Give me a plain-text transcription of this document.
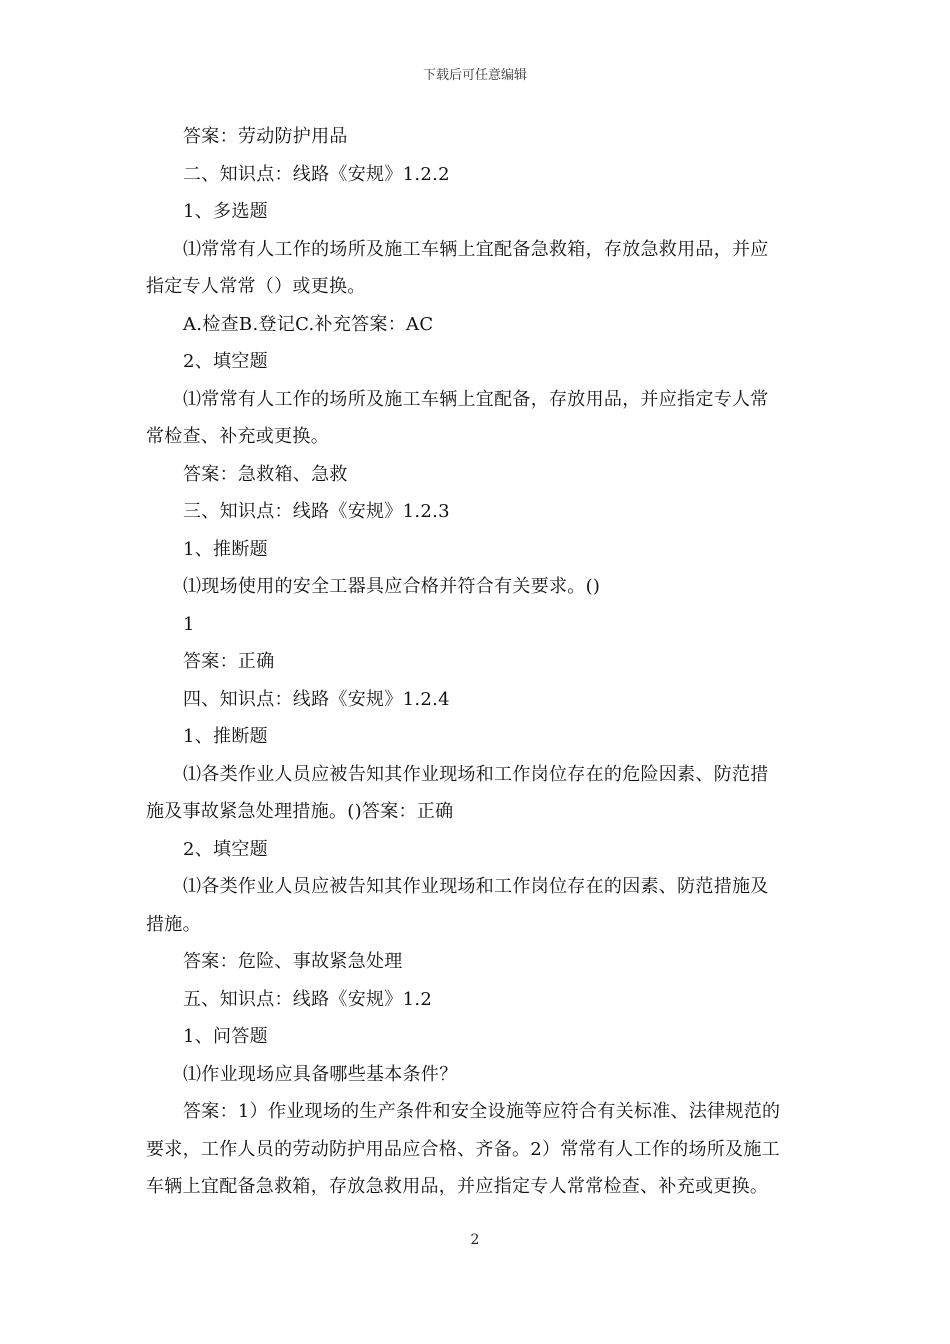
下载后可任意编辑

答案：劳动防护用品

二、知识点：线路《安规》1.2.2

1、多选题

⑴常常有人工作的场所及施工车辆上宜配备急救箱，存放急救用品，并应

指定专人常常（）或更换。

A.检查B.登记C.补充答案：AC

2、填空题

⑴常常有人工作的场所及施工车辆上宜配备，存放用品，并应指定专人常

常检查、补充或更换。

答案：急救箱、急救

三、知识点：线路《安规》1.2.3

1、推断题

⑴现场使用的安全工器具应合格并符合有关要求。()

1

答案：正确

四、知识点：线路《安规》1.2.4

1、推断题

⑴各类作业人员应被告知其作业现场和工作岗位存在的危险因素、防范措

施及事故紧急处理措施。()答案：正确

2、填空题

⑴各类作业人员应被告知其作业现场和工作岗位存在的因素、防范措施及

措施。

答案：危险、事故紧急处理

五、知识点：线路《安规》1.2

1、问答题

⑴作业现场应具备哪些基本条件？

答案：1）作业现场的生产条件和安全设施等应符合有关标准、法律规范的

要求，工作人员的劳动防护用品应合格、齐备。2）常常有人工作的场所及施工

车辆上宜配备急救箱，存放急救用品，并应指定专人常常检查、补充或更换。

2
